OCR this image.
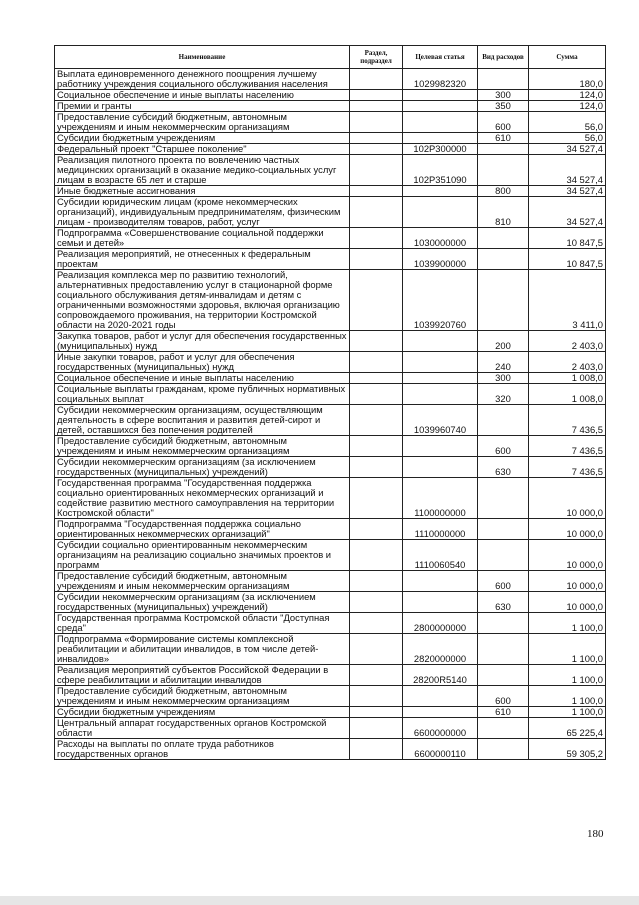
Наименование	Раздел, подраздел	Целевая статья	Вид расходов	Сумма
Выплата единовременного денежного поощрения лучшему работнику учреждения социального обслуживания населения		1029982320		180,0
Социальное обеспечение и иные выплаты населению			300	124,0
Премии и гранты			350	124,0
Предоставление субсидий бюджетным, автономным учреждениям и иным некоммерческим организациям			600	56,0
Субсидии бюджетным учреждениям			610	56,0
Федеральный проект "Старшее поколение"		102Р300000		34 527,4
Реализация пилотного проекта по вовлечению частных медицинских организаций в оказание медико-социальных услуг лицам в возрасте 65 лет и старше		102Р351090		34 527,4
Иные бюджетные ассигнования			800	34 527,4
Субсидии юридическим лицам (кроме некоммерческих организаций), индивидуальным предпринимателям, физическим лицам - производителям товаров, работ, услуг			810	34 527,4
Подпрограмма «Совершенствование социальной поддержки семьи и детей»		1030000000		10 847,5
Реализация мероприятий, не отнесенных к федеральным проектам		1039900000		10 847,5
Реализация комплекса мер по развитию технологий, альтернативных предоставлению услуг в стационарной форме социального обслуживания детям-инвалидам и детям с ограниченными возможностями здоровья, включая организацию сопровождаемого проживания, на территории Костромской области на 2020-2021 годы		1039920760		3 411,0
Закупка товаров, работ и услуг для обеспечения государственных (муниципальных) нужд			200	2 403,0
Иные закупки товаров, работ и услуг для обеспечения государственных (муниципальных) нужд			240	2 403,0
Социальное обеспечение и иные выплаты населению			300	1 008,0
Социальные выплаты гражданам, кроме публичных нормативных социальных выплат			320	1 008,0
Субсидии некоммерческим организациям, осуществляющим деятельность в сфере воспитания и развития детей-сирот и детей, оставшихся без попечения родителей		1039960740		7 436,5
Предоставление субсидий бюджетным, автономным учреждениям и иным некоммерческим организациям			600	7 436,5
Субсидии некоммерческим организациям (за исключением государственных (муниципальных) учреждений)			630	7 436,5
Государственная программа "Государственная поддержка социально ориентированных некоммерческих организаций и содействие развитию местного самоуправления на территории Костромской области"		1100000000		10 000,0
Подпрограмма "Государственная поддержка социально ориентированных некоммерческих организаций"		1110000000		10 000,0
Субсидии социально ориентированным некоммерческим организациям на реализацию социально значимых проектов и программ		1110060540		10 000,0
Предоставление субсидий бюджетным, автономным учреждениям и иным некоммерческим организациям			600	10 000,0
Субсидии некоммерческим организациям (за исключением государственных (муниципальных) учреждений)			630	10 000,0
Государственная программа Костромской области "Доступная среда"		2800000000		1 100,0
Подпрограмма «Формирование системы комплексной реабилитации и абилитации инвалидов, в том числе детей-инвалидов»		2820000000		1 100,0
Реализация мероприятий субъектов Российской Федерации в сфере реабилитации и абилитации инвалидов		28200R5140		1 100,0
Предоставление субсидий бюджетным, автономным учреждениям и иным некоммерческим организациям			600	1 100,0
Субсидии бюджетным учреждениям			610	1 100,0
Центральный аппарат государственных органов Костромской области		6600000000		65 225,4
Расходы на выплаты по оплате труда работников государственных органов		6600000110		59 305,2
180
